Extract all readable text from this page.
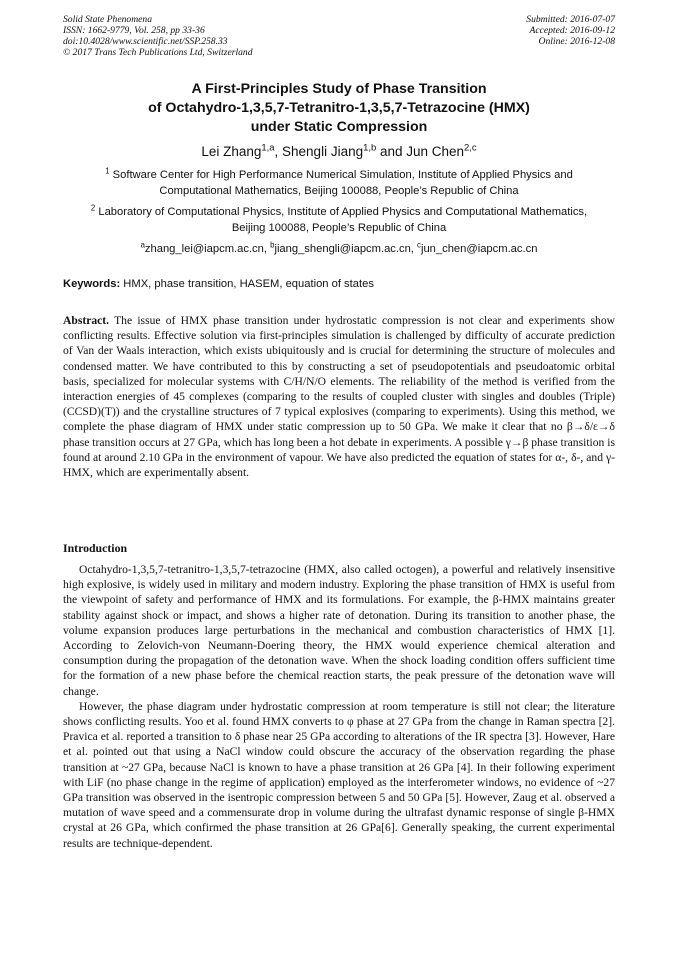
Solid State Phenomena
ISSN: 1662-9779, Vol. 258, pp 33-36
doi:10.4028/www.scientific.net/SSP.258.33
© 2017 Trans Tech Publications Ltd, Switzerland
Submitted: 2016-07-07
Accepted: 2016-09-12
Online: 2016-12-08
A First-Principles Study of Phase Transition
of Octahydro-1,3,5,7-Tetranitro-1,3,5,7-Tetrazocine (HMX)
under Static Compression
Lei Zhang$^{1,a}$, Shengli Jiang$^{1,b}$ and Jun Chen$^{2,c}$
$^1$ Software Center for High Performance Numerical Simulation, Institute of Applied Physics and
Computational Mathematics, Beijing 100088, People’s Republic of China
$^2$ Laboratory of Computational Physics, Institute of Applied Physics and Computational Mathematics,
Beijing 100088, People’s Republic of China
$^a$zhang_lei@iapcm.ac.cn, $^b$jiang_shengli@iapcm.ac.cn, $^c$jun_chen@iapcm.ac.cn
Keywords: HMX, phase transition, HASEM, equation of states
Abstract. The issue of HMX phase transition under hydrostatic compression is not clear and experiments show conflicting results. Effective solution via first-principles simulation is challenged by difficulty of accurate prediction of Van der Waals interaction, which exists ubiquitously and is crucial for determining the structure of molecules and condensed matter. We have contributed to this by constructing a set of pseudopotentials and pseudoatomic orbital basis, specialized for molecular systems with C/H/N/O elements. The reliability of the method is verified from the interaction energies of 45 complexes (comparing to the results of coupled cluster with singles and doubles (Triple) (CCSD)(T)) and the crystalline structures of 7 typical explosives (comparing to experiments). Using this method, we complete the phase diagram of HMX under static compression up to 50 GPa. We make it clear that no β→δ/ε→δ phase transition occurs at 27 GPa, which has long been a hot debate in experiments. A possible γ→β phase transition is found at around 2.10 GPa in the environment of vapour. We have also predicted the equation of states for α-, δ-, and γ-HMX, which are experimentally absent.
Introduction

Octahydro-1,3,5,7-tetranitro-1,3,5,7-tetrazocine (HMX, also called octogen), a powerful and relatively insensitive high explosive, is widely used in military and modern industry. Exploring the phase transition of HMX is useful from the viewpoint of safety and performance of HMX and its formulations. For example, the β-HMX maintains greater stability against shock or impact, and shows a higher rate of detonation. During its transition to another phase, the volume expansion produces large perturbations in the mechanical and combustion characteristics of HMX [1]. According to Zelovich-von Neumann-Doering theory, the HMX would experience chemical alteration and consumption during the propagation of the detonation wave. When the shock loading condition offers sufficient time for the formation of a new phase before the chemical reaction starts, the peak pressure of the detonation wave will change.

However, the phase diagram under hydrostatic compression at room temperature is still not clear; the literature shows conflicting results. Yoo et al. found HMX converts to φ phase at 27 GPa from the change in Raman spectra [2]. Pravica et al. reported a transition to δ phase near 25 GPa according to alterations of the IR spectra [3]. However, Hare et al. pointed out that using a NaCl window could obscure the accuracy of the observation regarding the phase transition at ~27 GPa, because NaCl is known to have a phase transition at 26 GPa [4]. In their following experiment with LiF (no phase change in the regime of application) employed as the interferometer windows, no evidence of ~27 GPa transition was observed in the isentropic compression between 5 and 50 GPa [5]. However, Zaug et al. observed a mutation of wave speed and a commensurate drop in volume during the ultrafast dynamic response of single β-HMX crystal at 26 GPa, which confirmed the phase transition at 26 GPa[6]. Generally speaking, the current experimental results are technique-dependent.
